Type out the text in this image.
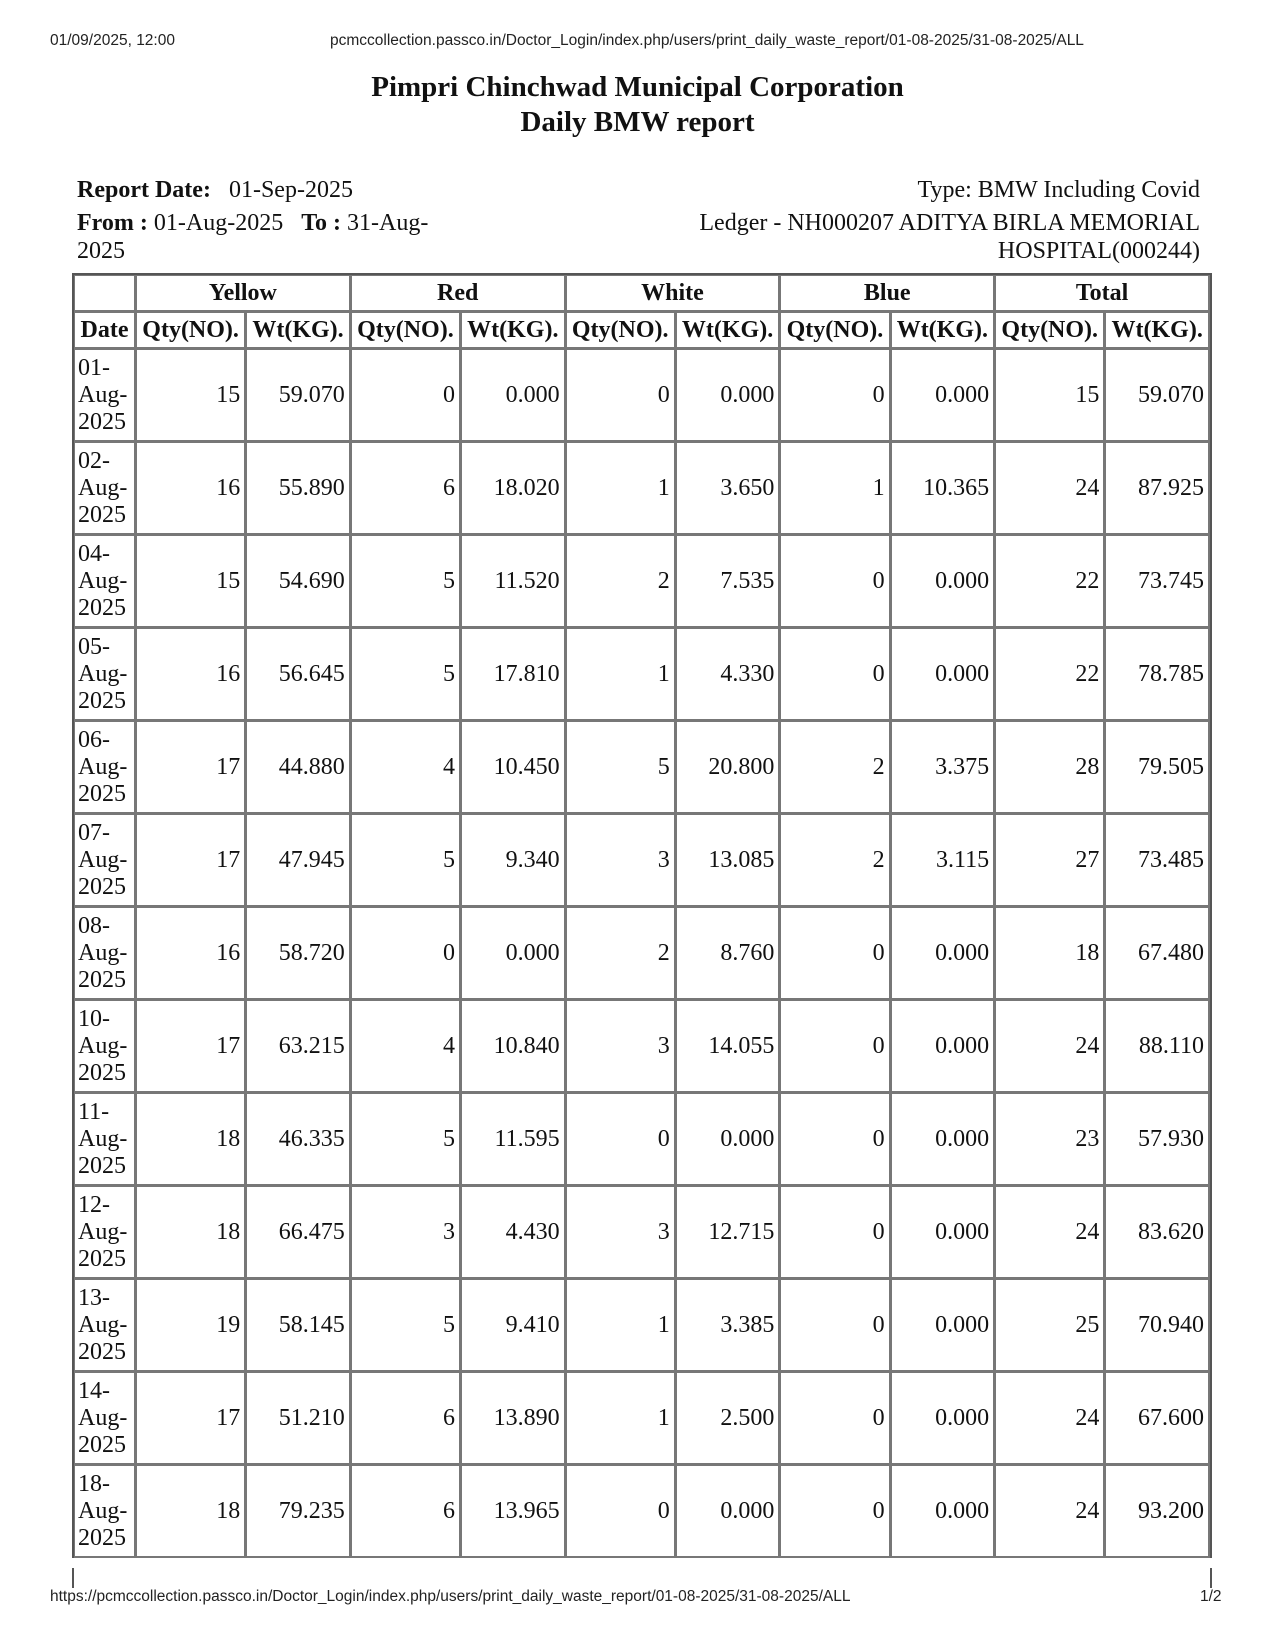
01/09/2025, 12:00	pcmccollection.passco.in/Doctor_Login/index.php/users/print_daily_waste_report/01-08-2025/31-08-2025/ALL
Pimpri Chinchwad Municipal Corporation
Daily BMW report
Report Date: 01-Sep-2025
From : 01-Aug-2025 To : 31-Aug-
2025
Type: BMW Including Covid
Ledger - NH000207 ADITYA BIRLA MEMORIAL
HOSPITAL(000244)
	Yellow		Red		White		Blue		Total	
Date	Qty(NO).	Wt(KG).	Qty(NO).	Wt(KG).	Qty(NO).	Wt(KG).	Qty(NO).	Wt(KG).	Qty(NO).	Wt(KG).

01-
Aug-
2025	15	59.070	0	0.000	0	0.000	0	0.000	15	59.070

02-
Aug-
2025	16	55.890	6	18.020	1	3.650	1	10.365	24	87.925

04-
Aug-
2025	15	54.690	5	11.520	2	7.535	0	0.000	22	73.745

05-
Aug-
2025	16	56.645	5	17.810	1	4.330	0	0.000	22	78.785

06-
Aug-
2025	17	44.880	4	10.450	5	20.800	2	3.375	28	79.505

07-
Aug-
2025	17	47.945	5	9.340	3	13.085	2	3.115	27	73.485

08-
Aug-
2025	16	58.720	0	0.000	2	8.760	0	0.000	18	67.480

10-
Aug-
2025	17	63.215	4	10.840	3	14.055	0	0.000	24	88.110

11-
Aug-
2025	18	46.335	5	11.595	0	0.000	0	0.000	23	57.930

12-
Aug-
2025	18	66.475	3	4.430	3	12.715	0	0.000	24	83.620

13-
Aug-
2025	19	58.145	5	9.410	1	3.385	0	0.000	25	70.940

14-
Aug-
2025	17	51.210	6	13.890	1	2.500	0	0.000	24	67.600

18-
Aug-
2025	18	79.235	6	13.965	0	0.000	0	0.000	24	93.200
https://pcmccollection.passco.in/Doctor_Login/index.php/users/print_daily_waste_report/01-08-2025/31-08-2025/ALL	1/2
